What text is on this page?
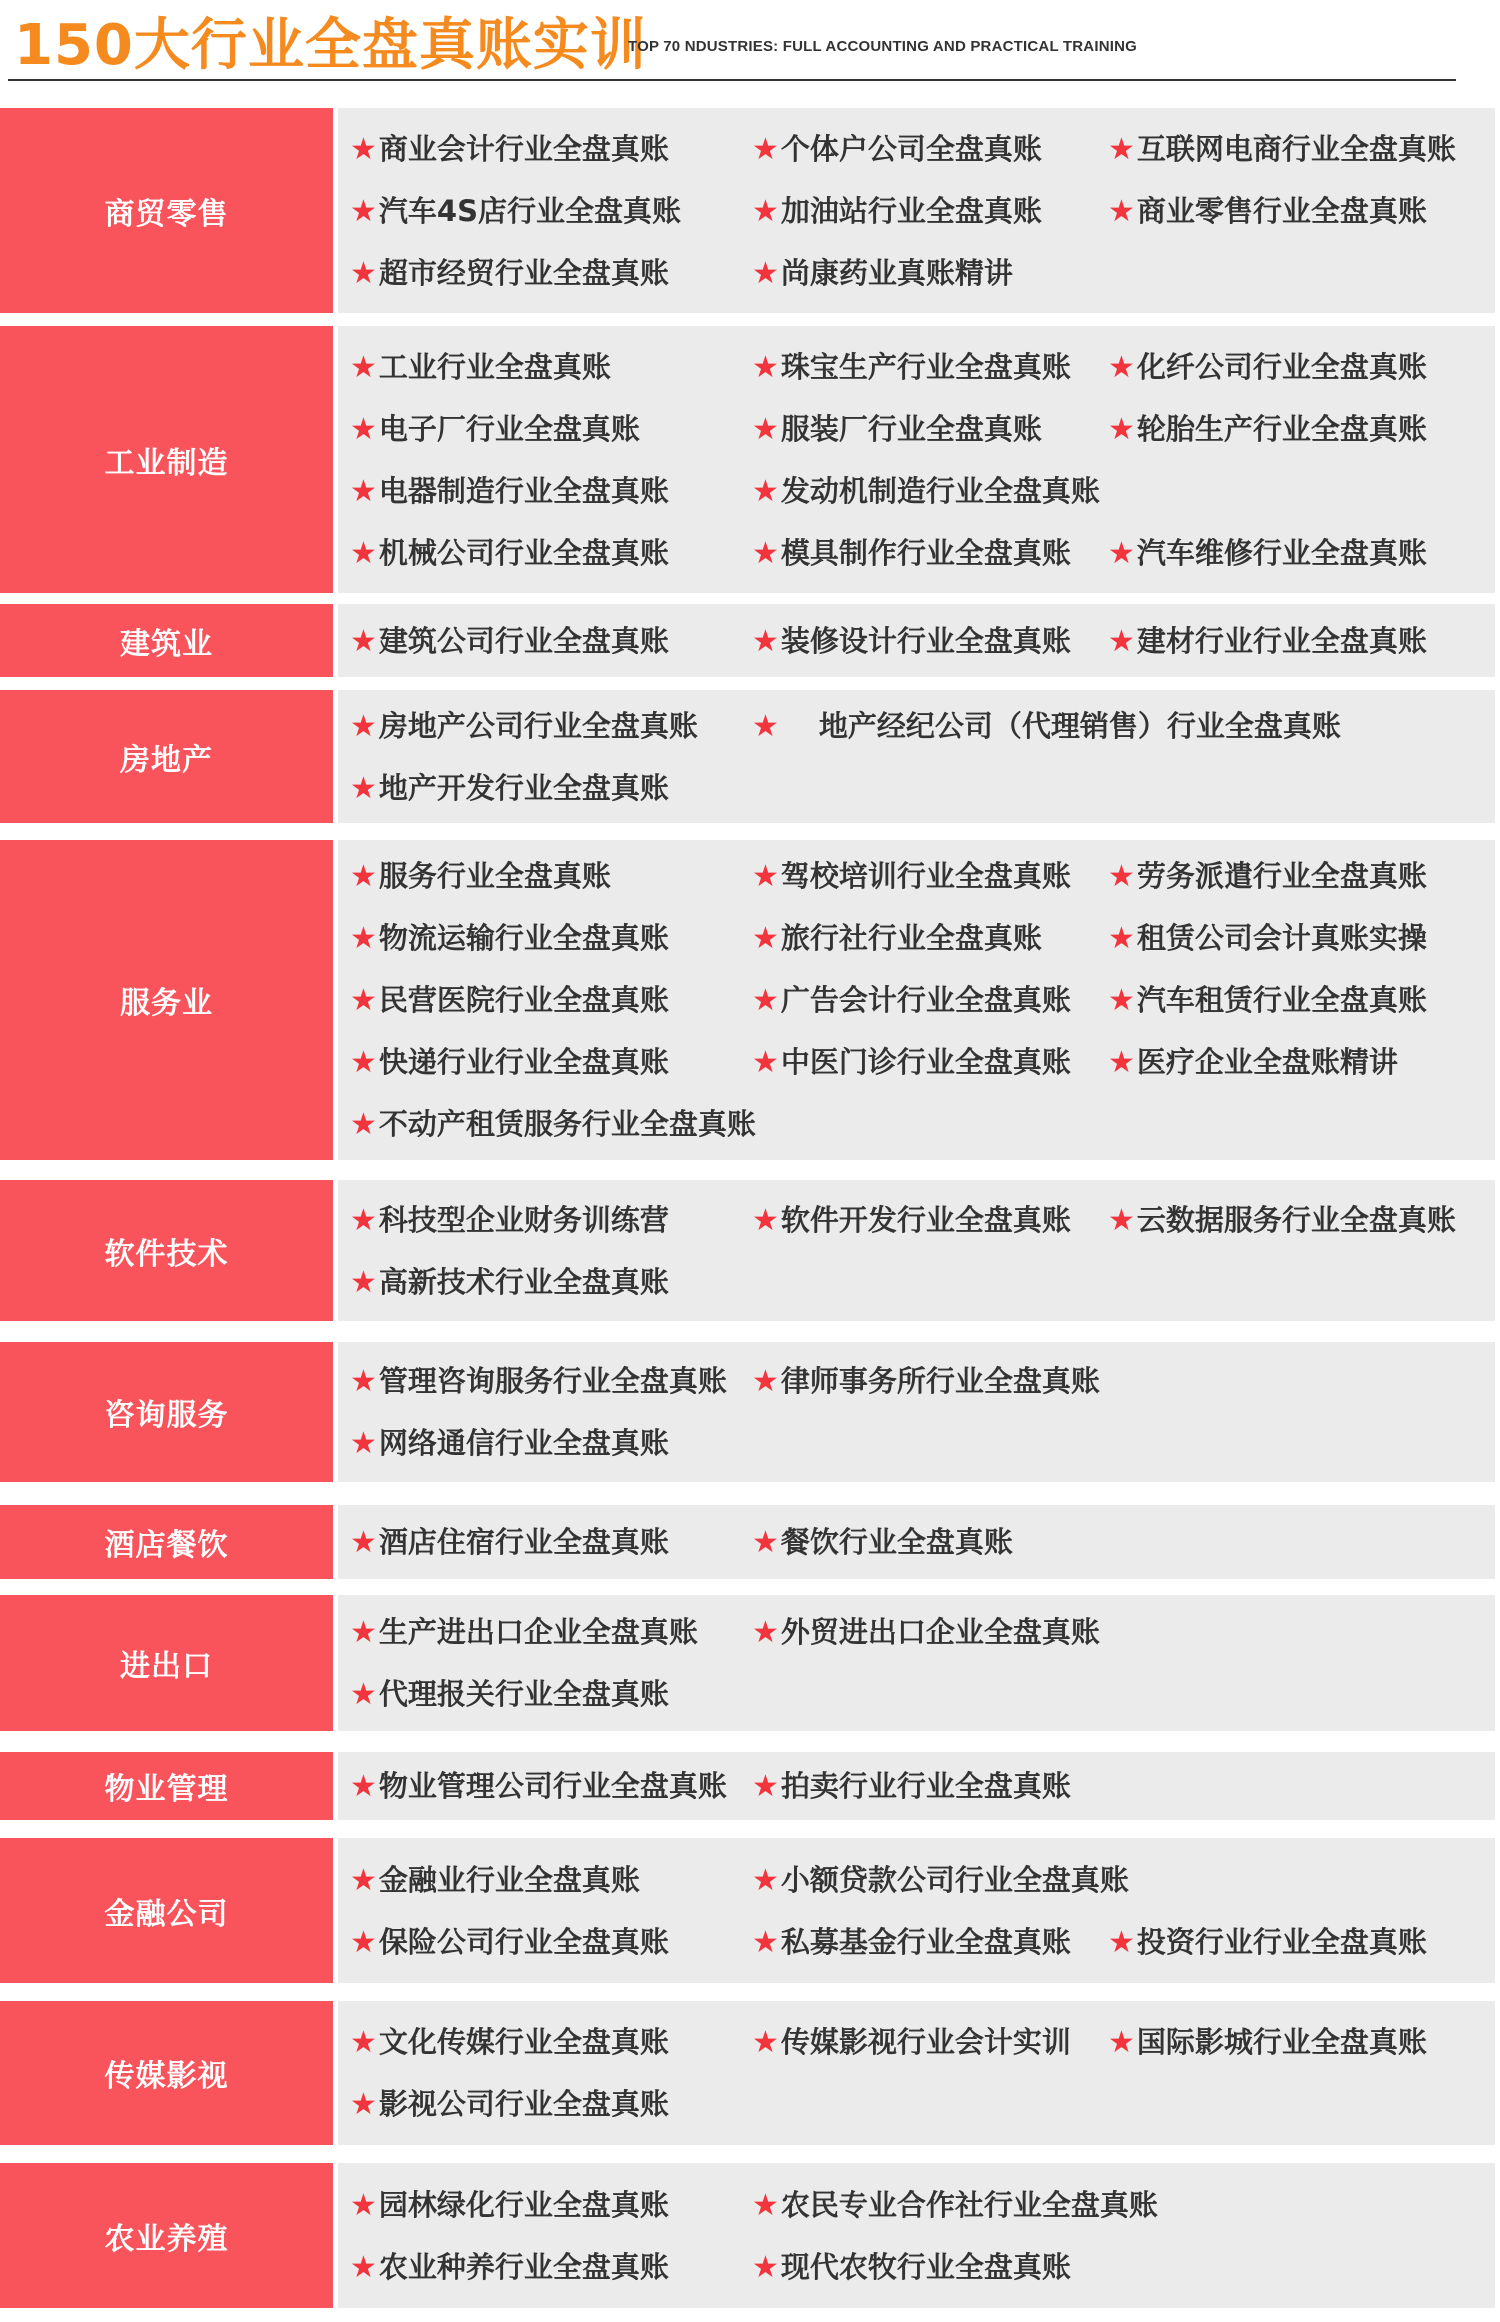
150大行业全盘真账实训
TOP 70 NDUSTRIES: FULL ACCOUNTING AND PRACTICAL TRAINING
商贸零售
★商业会计行业全盘真账	★个体户公司全盘真账 ★互联网电商行业全盘真账
★汽车4S店行业全盘真账 ★加油站行业全盘真账 ★商业零售行业全盘真账
★超市经贸行业全盘真账	★尚康药业真账精讲
工业制造
★工业行业全盘真账	★珠宝生产行业全盘真账 ★化纤公司行业全盘真账
★电子厂行业全盘真账	★服装厂行业全盘真账 ★轮胎生产行业全盘真账
★电器制造行业全盘真账	★发动机制造行业全盘真账
★机械公司行业全盘真账	★模具制作行业全盘真账 ★汽车维修行业全盘真账
建筑业	★建筑公司行业全盘真账	★装修设计行业全盘真账 ★建材行业行业全盘真账
房地产
★房地产公司行业全盘真账 ★ 地产经纪公司（代理销售）行业全盘真账
★地产开发行业全盘真账
服务业
★服务行业全盘真账	★驾校培训行业全盘真账 ★劳务派遣行业全盘真账
★物流运输行业全盘真账	★旅行社行业全盘真账 ★租赁公司会计真账实操
★民营医院行业全盘真账	★广告会计行业全盘真账 ★汽车租赁行业全盘真账
★快递行业行业全盘真账	★中医门诊行业全盘真账 ★医疗企业全盘账精讲
★不动产租赁服务行业全盘真账
软件技术
★科技型企业财务训练营	★软件开发行业全盘真账 ★云数据服务行业全盘真账
★高新技术行业全盘真账
咨询服务
★管理咨询服务行业全盘真账 ★律师事务所行业全盘真账
★网络通信行业全盘真账
酒店餐饮	★酒店住宿行业全盘真账	★餐饮行业全盘真账
进出口
★生产进出口企业全盘真账 ★外贸进出口企业全盘真账
★代理报关行业全盘真账
物业管理	★物业管理公司行业全盘真账 ★拍卖行业行业全盘真账
金融公司
★金融业行业全盘真账	★小额贷款公司行业全盘真账
★保险公司行业全盘真账	★私募基金行业全盘真账 ★投资行业行业全盘真账
传媒影视
★文化传媒行业全盘真账	★传媒影视行业会计实训 ★国际影城行业全盘真账
★影视公司行业全盘真账
农业养殖
★园林绿化行业全盘真账	★农民专业合作社行业全盘真账
★农业种养行业全盘真账	★现代农牧行业全盘真账
